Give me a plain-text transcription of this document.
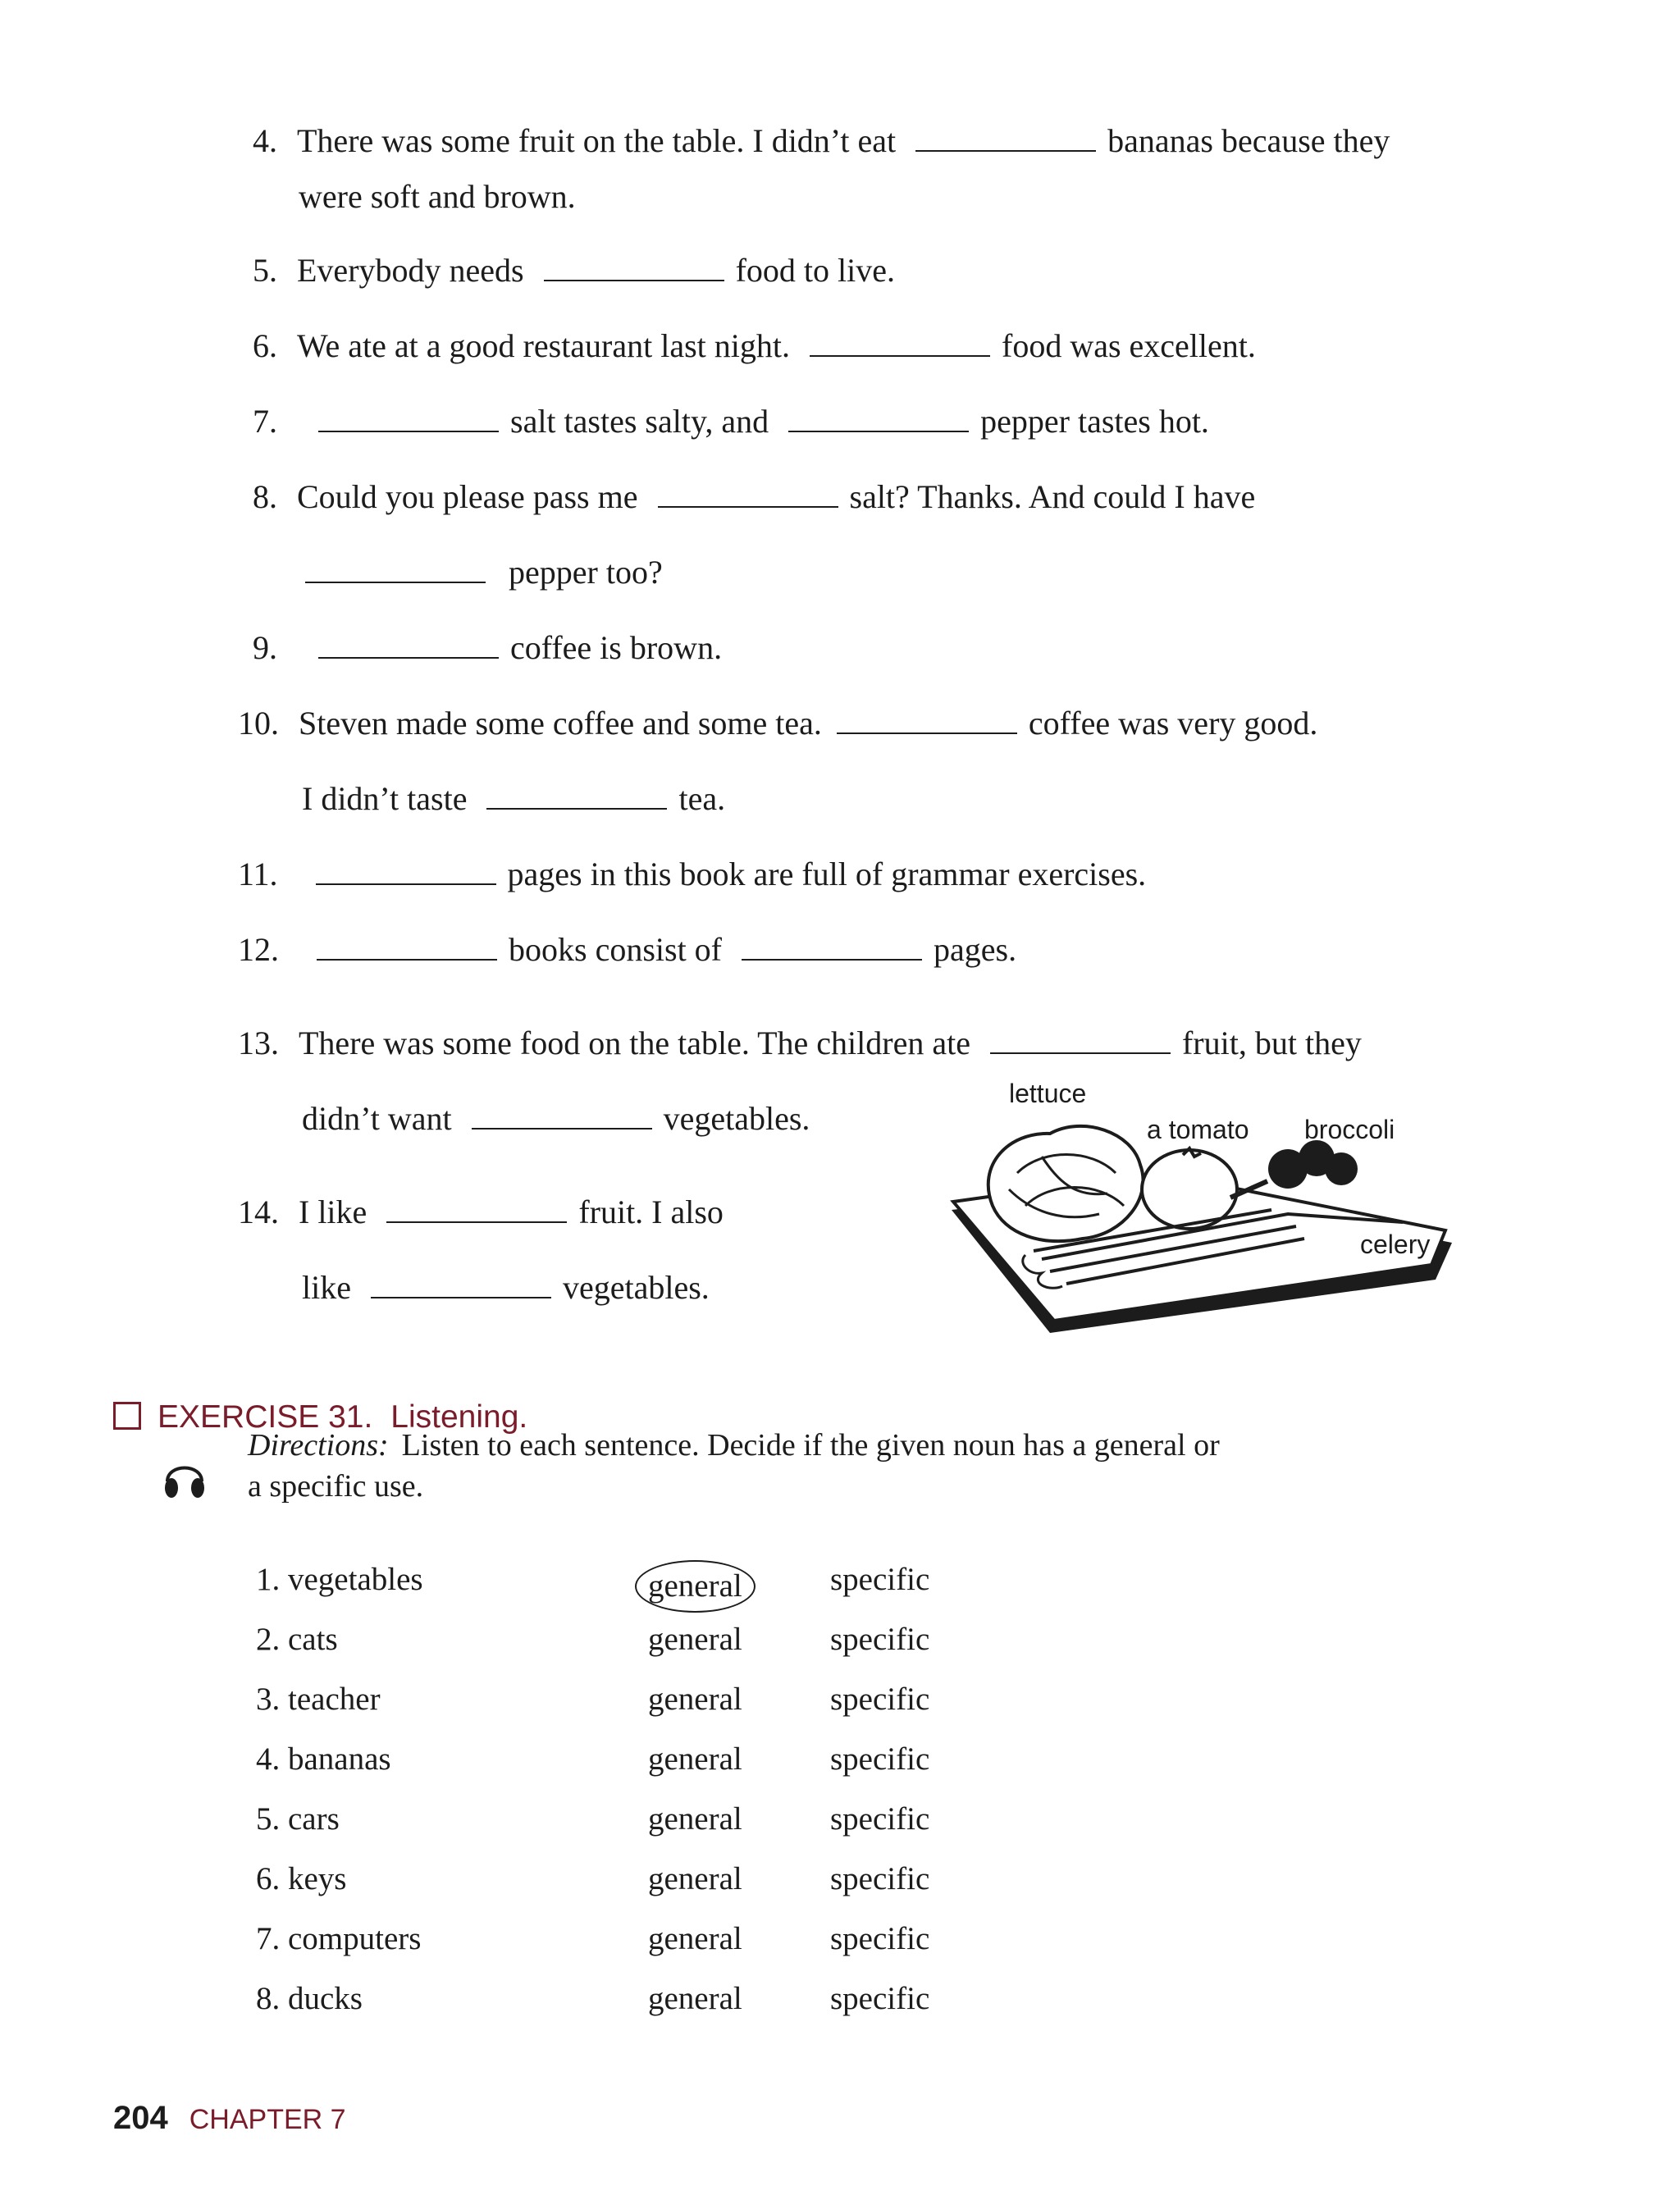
4. There was some fruit on the table. I didn’t eat	bananas because they
were soft and brown.
5. Everybody needs	food to live.
6. We ate at a good restaurant last night.	food was excellent.
7.	salt tastes salty, and	pepper tastes hot.
8. Could you please pass me	salt? Thanks. And could I have
pepper too?
9.	coffee is brown.
10. Steven made some coffee and some tea.	coffee was very good.
I didn’t taste	tea.
11.	pages in this book are full of grammar exercises.
12.	books consist of	pages.
13. There was some food on the table. The children ate	fruit, but they
didn’t want	vegetables.
14. I like	fruit. I also
like	vegetables.
lettuce
a tomato broccoli
celery
EXERCISE 31. Listening.
Directions: Listen to each sentence. Decide if the given noun has a general or
a specific use.
1. vegetables	general	specific
2. cats	general	specific
3. teacher	general	specific
4. bananas	general	specific
5. cars	general	specific
6. keys	general	specific
7. computers	general	specific
8. ducks	general	specific
204 CHAPTER 7
